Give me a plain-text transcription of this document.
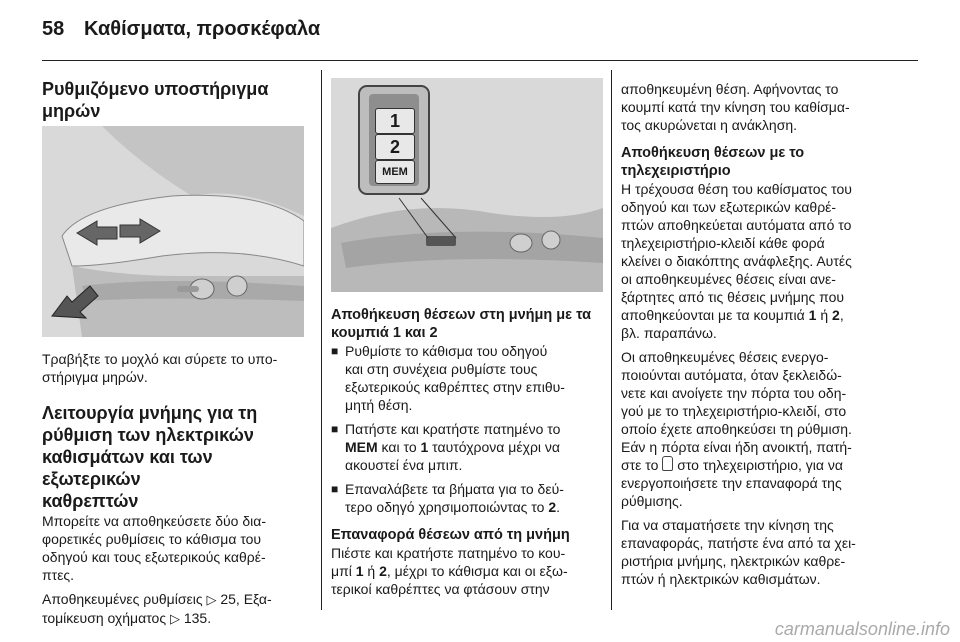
58 Καθίσματα, προσκέφαλα
Ρυθμιζόμενο υποστήριγμα
μηρών

Τραβήξτε το μοχλό και σύρετε το υπο-
στήριγμα μηρών.

Λειτουργία μνήμης για τη
ρύθμιση των ηλεκτρικών
καθισμάτων και των εξωτερικών
καθρεπτών

Μπορείτε να αποθηκεύσετε δύο δια-
φορετικές ρυθμίσεις το κάθισμα του
οδηγού και τους εξωτερικούς καθρέ-
πτες.

Αποθηκευμένες ρυθμίσεις ▷ 25, Εξα-
τομίκευση οχήματος ▷ 135.

1
2
MEM
Αποθήκευση θέσεων στη μνήμη με τα
κουμπιά 1 και 2
■ Ρυθμίστε το κάθισμα του οδηγού
και στη συνέχεια ρυθμίστε τους
εξωτερικούς καθρέπτες στην επιθυ-
μητή θέση.
■ Πατήστε και κρατήστε πατημένο το
MEM και το 1 ταυτόχρονα μέχρι να
ακουστεί ένα μπιπ.
■ Επαναλάβετε τα βήματα για το δεύ-
τερο οδηγό χρησιμοποιώντας το 2.
Επαναφορά θέσεων από τη μνήμη

Πιέστε και κρατήστε πατημένο το κου-
μπί 1 ή 2, μέχρι το κάθισμα και οι εξω-
τερικοί καθρέπτες να φτάσουν στην

αποθηκευμένη θέση. Αφήνοντας το
κουμπί κατά την κίνηση του καθίσμα-
τος ακυρώνεται η ανάκληση.

Αποθήκευση θέσεων με το
τηλεχειριστήριο

Η τρέχουσα θέση του καθίσματος του
οδηγού και των εξωτερικών καθρέ-
πτών αποθηκεύεται αυτόματα από το
τηλεχειριστήριο-κλειδί κάθε φορά
κλείνει ο διακόπτης ανάφλεξης. Αυτές
οι αποθηκευμένες θέσεις είναι ανε-
ξάρτητες από τις θέσεις μνήμης που
αποθηκεύονται με τα κουμπιά 1 ή 2,
βλ. παραπάνω.

Οι αποθηκευμένες θέσεις ενεργο-
ποιούνται αυτόματα, όταν ξεκλειδώ-
νετε και ανοίγετε την πόρτα του οδη-
γού με το τηλεχειριστήριο-κλειδί, στο
οποίο έχετε αποθηκεύσει τη ρύθμιση.
Εάν η πόρτα είναι ήδη ανοικτή, πατή-
στε το  στο τηλεχειριστήριο, για να
ενεργοποιήσετε την επαναφορά της
ρύθμισης.

Για να σταματήσετε την κίνηση της
επαναφοράς, πατήστε ένα από τα χει-
ριστήρια μνήμης, ηλεκτρικών καθρε-
πτών ή ηλεκτρικών καθισμάτων.

carmanualsonline.info
